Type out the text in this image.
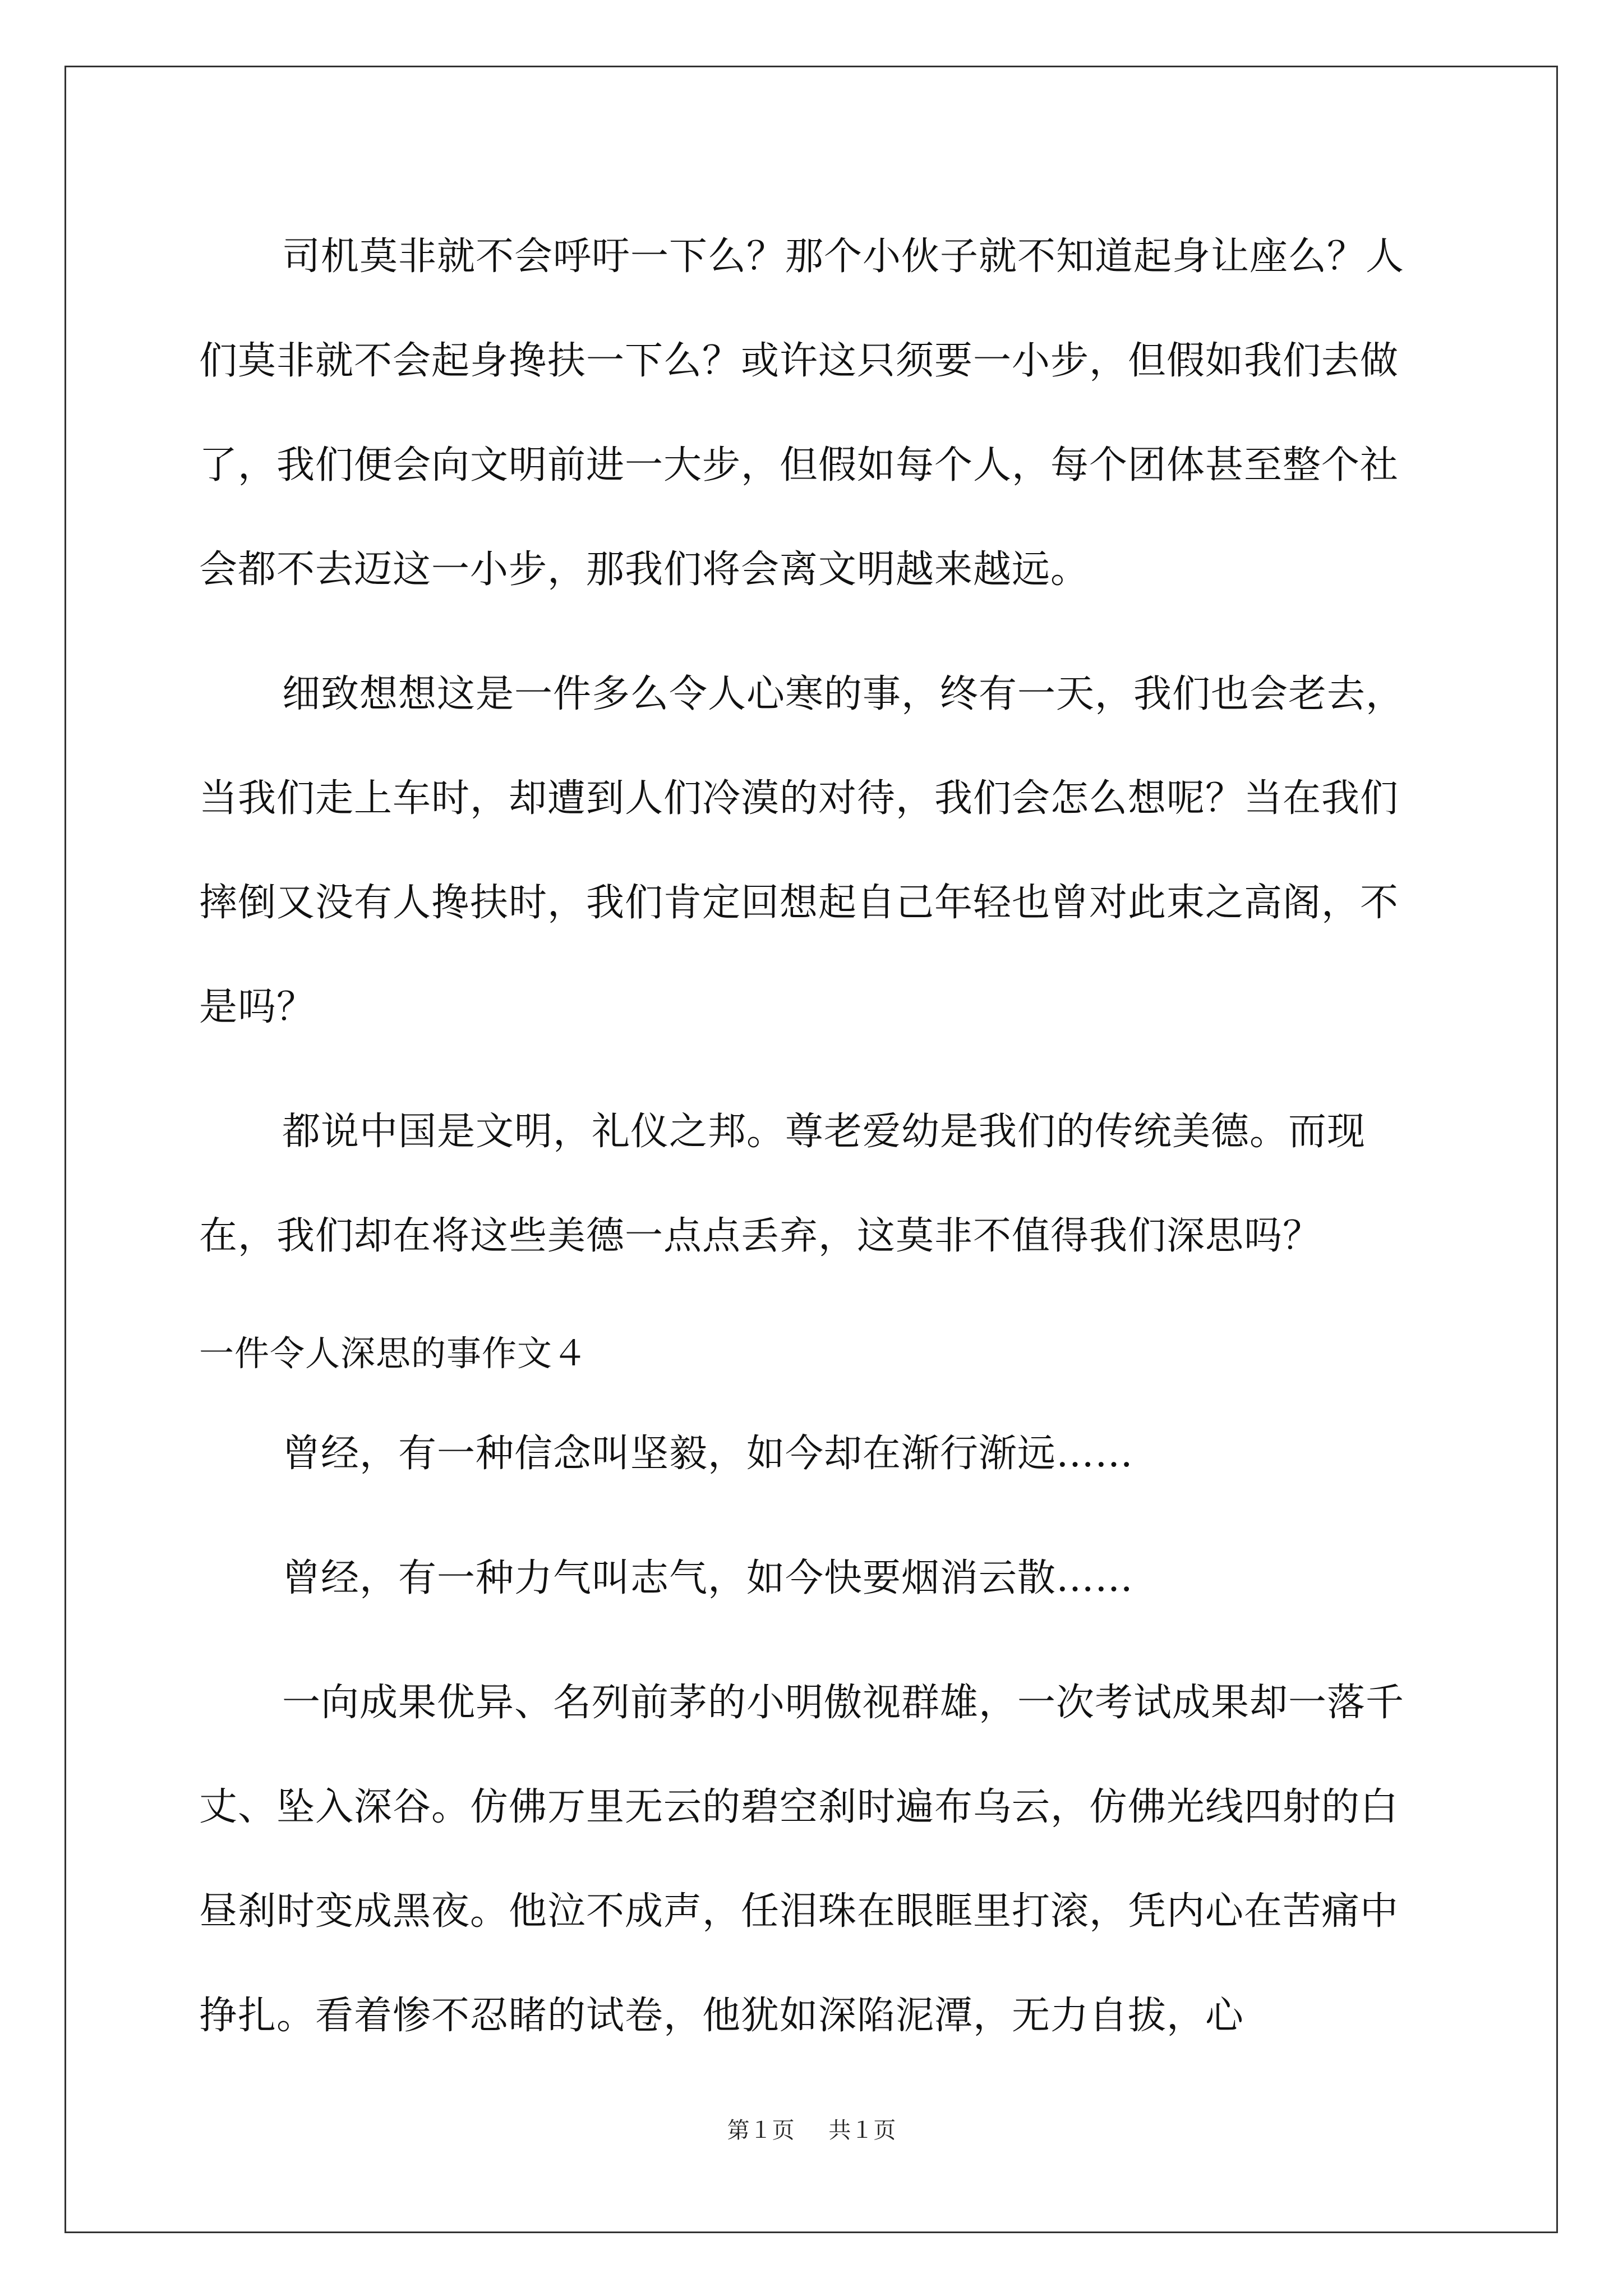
司机莫非就不会呼吁一下么？那个小伙子就不知道起身让座么？人们莫非就不会起身搀扶一下么？或许这只须要一小步，但假如我们去做了，我们便会向文明前进一大步，但假如每个人，每个团体甚至整个社会都不去迈这一小步，那我们将会离文明越来越远。

细致想想这是一件多么令人心寒的事，终有一天，我们也会老去，当我们走上车时，却遭到人们冷漠的对待，我们会怎么想呢？当在我们摔倒又没有人搀扶时，我们肯定回想起自己年轻也曾对此束之高阁，不是吗？

都说中国是文明，礼仪之邦。尊老爱幼是我们的传统美德。而现在，我们却在将这些美德一点点丢弃，这莫非不值得我们深思吗？

一件令人深思的事作文４

曾经，有一种信念叫坚毅，如今却在渐行渐远……

曾经，有一种力气叫志气，如今快要烟消云散……

一向成果优异、名列前茅的小明傲视群雄，一次考试成果却一落千丈、坠入深谷。仿佛万里无云的碧空刹时遍布乌云，仿佛光线四射的白昼刹时变成黑夜。他泣不成声，任泪珠在眼眶里打滚，凭内心在苦痛中挣扎。看着惨不忍睹的试卷，他犹如深陷泥潭，无力自拔，心

第１页 共１页
